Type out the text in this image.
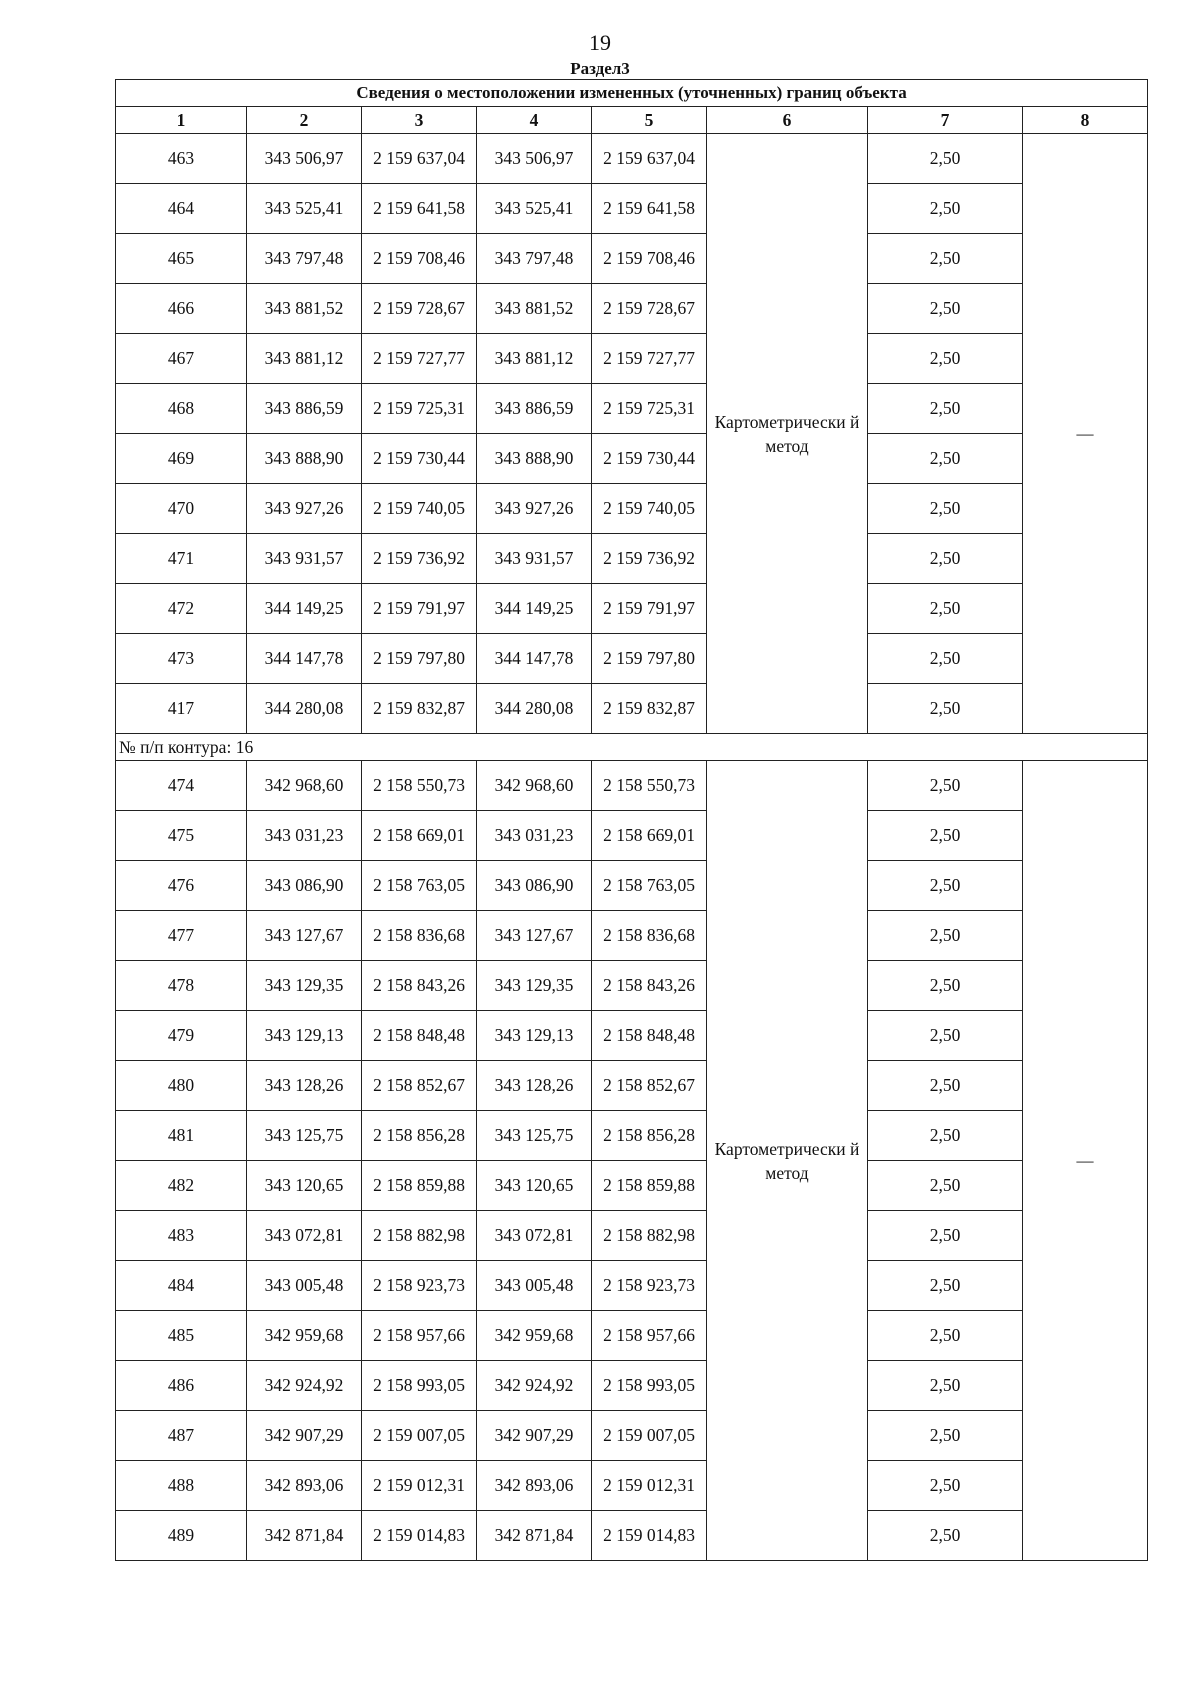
19
Раздел3
Сведения о местоположении измененных (уточненных) границ объекта							
1	2	3	4	5	6	7	8
463	343 506,97	2 159 637,04	343 506,97	2 159 637,04	Картометрически й метод	2,50	—
464	343 525,41	2 159 641,58	343 525,41	2 159 641,58		2,50	
465	343 797,48	2 159 708,46	343 797,48	2 159 708,46		2,50	
466	343 881,52	2 159 728,67	343 881,52	2 159 728,67		2,50	
467	343 881,12	2 159 727,77	343 881,12	2 159 727,77		2,50	
468	343 886,59	2 159 725,31	343 886,59	2 159 725,31		2,50	
469	343 888,90	2 159 730,44	343 888,90	2 159 730,44		2,50	
470	343 927,26	2 159 740,05	343 927,26	2 159 740,05		2,50	
471	343 931,57	2 159 736,92	343 931,57	2 159 736,92		2,50	
472	344 149,25	2 159 791,97	344 149,25	2 159 791,97		2,50	
473	344 147,78	2 159 797,80	344 147,78	2 159 797,80		2,50	
417	344 280,08	2 159 832,87	344 280,08	2 159 832,87		2,50	
№ п/п контура: 16							
474	342 968,60	2 158 550,73	342 968,60	2 158 550,73	Картометрически й метод	2,50	—
475	343 031,23	2 158 669,01	343 031,23	2 158 669,01		2,50	
476	343 086,90	2 158 763,05	343 086,90	2 158 763,05		2,50	
477	343 127,67	2 158 836,68	343 127,67	2 158 836,68		2,50	
478	343 129,35	2 158 843,26	343 129,35	2 158 843,26		2,50	
479	343 129,13	2 158 848,48	343 129,13	2 158 848,48		2,50	
480	343 128,26	2 158 852,67	343 128,26	2 158 852,67		2,50	
481	343 125,75	2 158 856,28	343 125,75	2 158 856,28		2,50	
482	343 120,65	2 158 859,88	343 120,65	2 158 859,88		2,50	
483	343 072,81	2 158 882,98	343 072,81	2 158 882,98		2,50	
484	343 005,48	2 158 923,73	343 005,48	2 158 923,73		2,50	
485	342 959,68	2 158 957,66	342 959,68	2 158 957,66		2,50	
486	342 924,92	2 158 993,05	342 924,92	2 158 993,05		2,50	
487	342 907,29	2 159 007,05	342 907,29	2 159 007,05		2,50	
488	342 893,06	2 159 012,31	342 893,06	2 159 012,31		2,50	
489	342 871,84	2 159 014,83	342 871,84	2 159 014,83		2,50	
